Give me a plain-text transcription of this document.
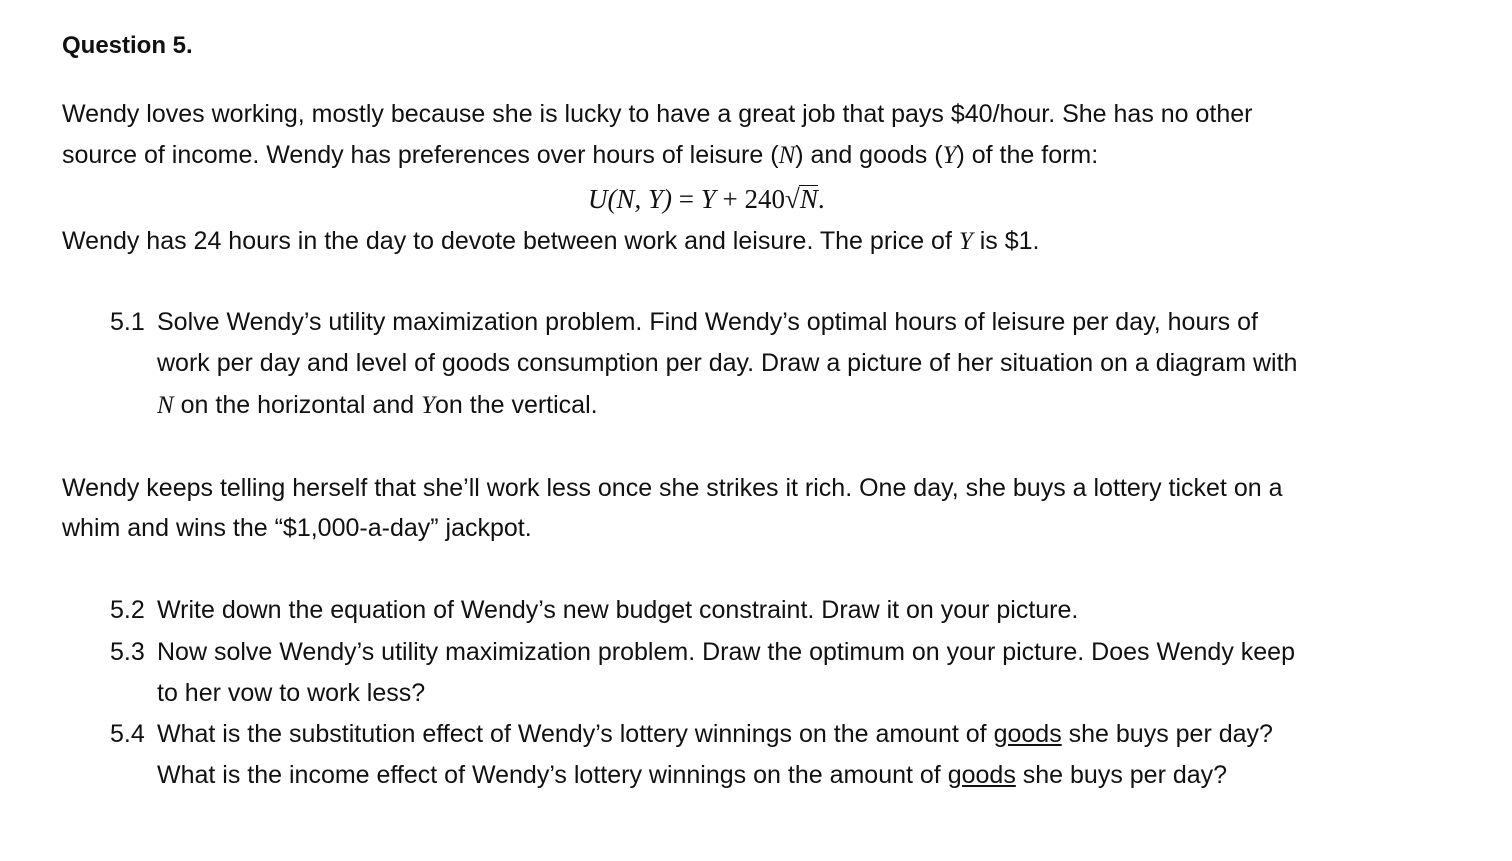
Question 5.
Wendy loves working, mostly because she is lucky to have a great job that pays $40/hour. She has no other
source of income. Wendy has preferences over hours of leisure (N) and goods (Y) of the form:
U(N, Y) = Y + 240√N.
Wendy has 24 hours in the day to devote between work and leisure. The price of Y is $1.
5.1 Solve Wendy’s utility maximization problem. Find Wendy’s optimal hours of leisure per day, hours of
work per day and level of goods consumption per day. Draw a picture of her situation on a diagram with
N on the horizontal and Yon the vertical.
Wendy keeps telling herself that she’ll work less once she strikes it rich. One day, she buys a lottery ticket on a
whim and wins the “$1,000-a-day” jackpot.
5.2 Write down the equation of Wendy’s new budget constraint. Draw it on your picture.
5.3 Now solve Wendy’s utility maximization problem. Draw the optimum on your picture. Does Wendy keep
to her vow to work less?
5.4 What is the substitution effect of Wendy’s lottery winnings on the amount of goods she buys per day?
What is the income effect of Wendy’s lottery winnings on the amount of goods she buys per day?
